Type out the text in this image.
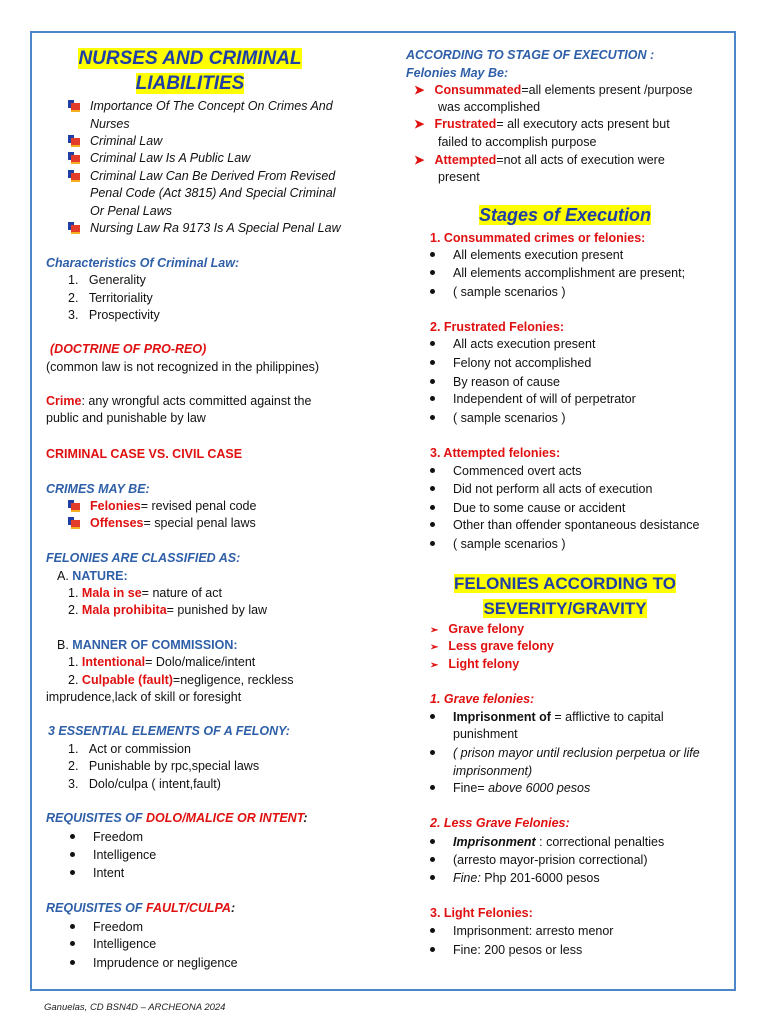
NURSES AND CRIMINAL
LIABILITIES
Importance Of The Concept On Crimes And
Nurses
Criminal Law
Criminal Law Is A Public Law
Criminal Law Can Be Derived From Revised
Penal Code (Act 3815) And Special Criminal
Or Penal Laws
Nursing Law Ra 9173 Is A Special Penal Law
Characteristics Of Criminal Law:
1. Generality
2. Territoriality
3. Prospectivity
(DOCTRINE OF PRO-REO)
(common law is not recognized in the philippines)
Crime: any wrongful acts committed against the
public and punishable by law
CRIMINAL CASE VS. CIVIL CASE
CRIMES MAY BE:
Felonies= revised penal code
Offenses= special penal laws
FELONIES ARE CLASSIFIED AS:
A. NATURE:
1. Mala in se= nature of act
2. Mala prohibita= punished by law
B. MANNER OF COMMISSION:
1. Intentional= Dolo/malice/intent
2. Culpable (fault)=negligence, reckless
imprudence,lack of skill or foresight
3 ESSENTIAL ELEMENTS OF A FELONY:
1. Act or commission
2. Punishable by rpc,special laws
3. Dolo/culpa ( intent,fault)
REQUISITES OF DOLO/MALICE OR INTENT:
Freedom
Intelligence
Intent
REQUISITES OF FAULT/CULPA:
Freedom
Intelligence
Imprudence or negligence
ACCORDING TO STAGE OF EXECUTION :
Felonies May Be:
➤ Consummated=all elements present /purpose
was accomplished
➤ Frustrated= all executory acts present but
failed to accomplish purpose
➤ Attempted=not all acts of execution were
present
Stages of Execution
1. Consummated crimes or felonies:
All elements execution present
All elements accomplishment are present;
( sample scenarios )
2. Frustrated Felonies:
All acts execution present
Felony not accomplished
By reason of cause
Independent of will of perpetrator
( sample scenarios )
3. Attempted felonies:
Commenced overt acts
Did not perform all acts of execution
Due to some cause or accident
Other than offender spontaneous desistance
( sample scenarios )
FELONIES ACCORDING TO
SEVERITY/GRAVITY
➢ Grave felony
➢ Less grave felony
➢ Light felony
1. Grave felonies:
Imprisonment of = afflictive to capital
punishment
( prison mayor until reclusion perpetua or life
imprisonment)
Fine= above 6000 pesos
2. Less Grave Felonies:
Imprisonment : correctional penalties
(arresto mayor-prision correctional)
Fine: Php 201-6000 pesos
3. Light Felonies:
Imprisonment: arresto menor
Fine: 200 pesos or less
Ganuelas, CD BSN4D – ARCHEONA 2024
